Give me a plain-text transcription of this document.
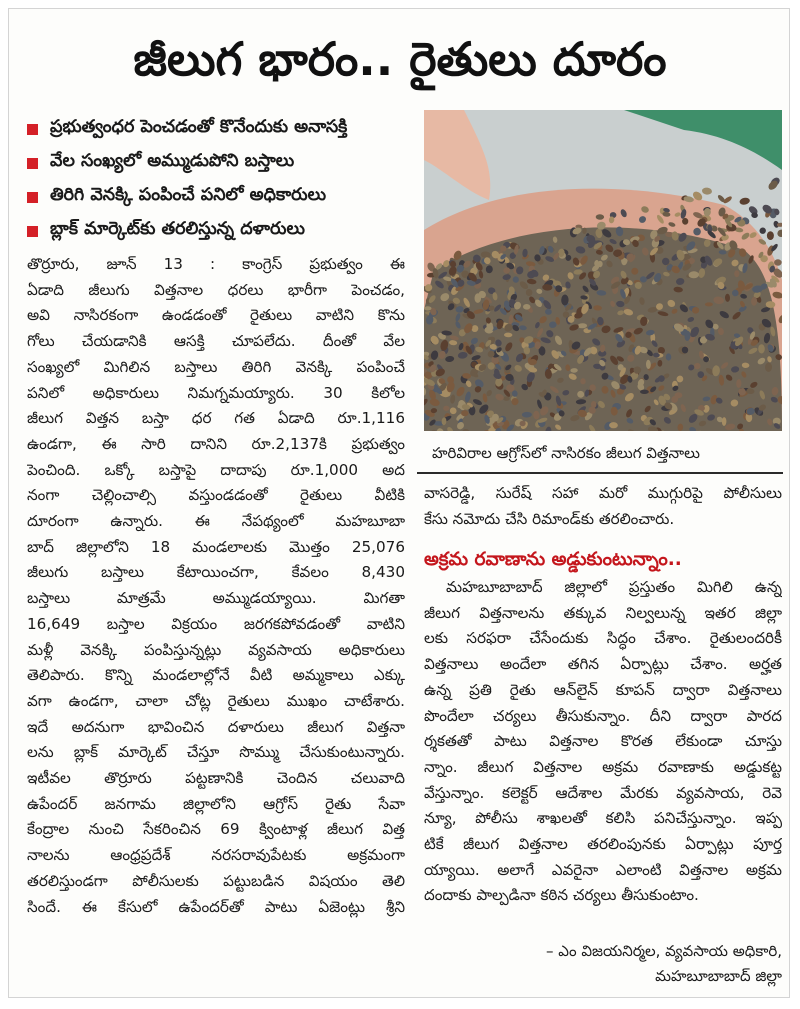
జీలుగ భారం.. రైతులు దూరం
ప్రభుత్వంధర పెంచడంతో కొనేందుకు అనాసక్తి
వేల సంఖ్యలో అమ్ముడుపోని బస్తాలు
తిరిగి వెనక్కి పంపించే పనిలో అధికారులు
బ్లాక్ మార్కెట్‌కు తరలిస్తున్న దళారులు

తొర్రూరు, జూన్ 13 : కాంగ్రెస్ ప్రభుత్వం ఈ

ఏడాది జీలుగు విత్తనాల ధరలు భారీగా పెంచడం,

అవి నాసిరకంగా ఉండడంతో రైతులు వాటిని కొను

గోలు చేయడానికి ఆసక్తి చూపలేదు. దీంతో వేల

సంఖ్యలో మిగిలిన బస్తాలు తిరిగి వెనక్కి పంపించే

పనిలో అధికారులు నిమగ్నమయ్యారు. 30 కిలోల

జీలుగ విత్తన బస్తా ధర గత ఏడాది రూ.1,116

ఉండగా, ఈ సారి దానిని రూ.2,137కి ప్రభుత్వం

పెంచింది. ఒక్కో బస్తాపై దాదాపు రూ.1,000 అద

నంగా చెల్లించాల్సి వస్తుండడంతో రైతులు వీటికి

దూరంగా ఉన్నారు. ఈ నేపథ్యంలో మహబూబా

బాద్ జిల్లాలోని 18 మండలాలకు మొత్తం 25,076

జీలుగు బస్తాలు కేటాయించగా, కేవలం 8,430

బస్తాలు మాత్రమే అమ్ముడయ్యాయి. మిగతా

16,649 బస్తాల విక్రయం జరగకపోవడంతో వాటిని

మళ్లీ వెనక్కి పంపిస్తున్నట్లు వ్యవసాయ అధికారులు

తెలిపారు. కొన్ని మండలాల్లోనే వీటి అమ్మకాలు ఎక్కు

వగా ఉండగా, చాలా చోట్ల రైతులు ముఖం చాటేశారు.

ఇదే అదనుగా భావించిన దళారులు జీలుగ విత్తనా

లను బ్లాక్ మార్కెట్ చేస్తూ సొమ్ము చేసుకుంటున్నారు.

ఇటీవల తొర్రూరు పట్టణానికి చెందిన చలువాది

ఉపేందర్ జనగామ జిల్లాలోని ఆగ్రోస్ రైతు సేవా

కేంద్రాల నుంచి సేకరించిన 69 క్వింటాళ్ల జీలుగ విత్త

నాలను ఆంధ్రప్రదేశ్ నరసరావుపేటకు అక్రమంగా

తరలిస్తుండగా పోలీసులకు పట్టుబడిన విషయం తెలి

సిందే. ఈ కేసులో ఉపేందర్‌తో పాటు ఏజెంట్లు శ్రీని

హరివిరాల ఆగ్రోస్‌లో నాసిరకం జీలుగ విత్తనాలు

వాసరెడ్డి, సురేష్ సహా మరో ముగ్గురిపై పోలీసులు

కేసు నమోదు చేసి రిమాండ్‌కు తరలించారు.

అక్రమ రవాణాను అడ్డుకుంటున్నాం..

మహబూబాబాద్ జిల్లాలో ప్రస్తుతం మిగిలి ఉన్న

జీలుగ విత్తనాలను తక్కువ నిల్వలున్న ఇతర జిల్లా

లకు సరఫరా చేసేందుకు సిద్ధం చేశాం. రైతులందరికీ

విత్తనాలు అందేలా తగిన ఏర్పాట్లు చేశాం. అర్హత

ఉన్న ప్రతి రైతు ఆన్‌లైన్ కూపన్ ద్వారా విత్తనాలు

పొందేలా చర్యలు తీసుకున్నాం. దీని ద్వారా పారద

ర్శకతతో పాటు విత్తనాల కొరత లేకుండా చూస్తు

న్నాం. జీలుగ విత్తనాల అక్రమ రవాణాకు అడ్డుకట్ట

వేస్తున్నాం. కలెక్టర్ ఆదేశాల మేరకు వ్యవసాయ, రెవె

న్యూ, పోలీసు శాఖలతో కలిసి పనిచేస్తున్నాం. ఇప్ప

టికే జీలుగ విత్తనాల తరలింపునకు ఏర్పాట్లు పూర్త

య్యాయి. అలాగే ఎవరైనా ఎలాంటి విత్తనాల అక్రమ

దందాకు పాల్పడినా కఠిన చర్యలు తీసుకుంటాం.

– ఎం విజయనిర్మల, వ్యవసాయ అధికారి,
మహబూబాబాద్ జిల్లా
